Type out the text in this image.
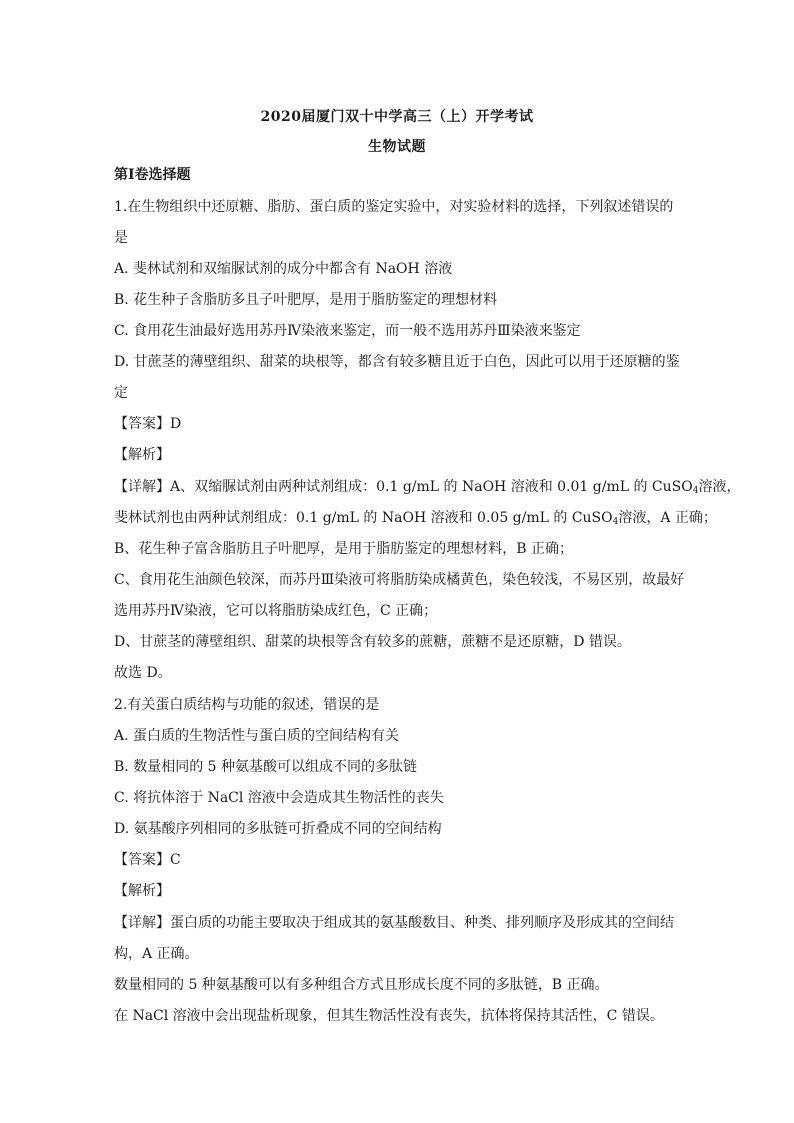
2020届厦门双十中学高三（上）开学考试
生物试题
第I卷选择题
1.在生物组织中还原糖、脂肪、蛋白质的鉴定实验中，对实验材料的选择，下列叙述错误的
是
A. 斐林试剂和双缩脲试剂的成分中都含有 NaOH 溶液
B. 花生种子含脂肪多且子叶肥厚，是用于脂肪鉴定的理想材料
C. 食用花生油最好选用苏丹Ⅳ染液来鉴定，而一般不选用苏丹Ⅲ染液来鉴定
D. 甘蔗茎的薄壁组织、甜菜的块根等，都含有较多糖且近于白色，因此可以用于还原糖的鉴
定
【答案】D
【解析】
【详解】A、双缩脲试剂由两种试剂组成：0.1 g/mL 的 NaOH 溶液和 0.01 g/mL 的 CuSO$_4$溶液，
斐林试剂也由两种试剂组成：0.1 g/mL 的 NaOH 溶液和 0.05 g/mL 的 CuSO$_4$溶液，A 正确；
B、花生种子富含脂肪且子叶肥厚，是用于脂肪鉴定的理想材料，B 正确；
C、食用花生油颜色较深，而苏丹Ⅲ染液可将脂肪染成橘黄色，染色较浅，不易区别，故最好
选用苏丹Ⅳ染液，它可以将脂肪染成红色，C 正确；
D、甘蔗茎的薄壁组织、甜菜的块根等含有较多的蔗糖，蔗糖不是还原糖，D 错误。
故选 D。
2.有关蛋白质结构与功能的叙述，错误的是
A. 蛋白质的生物活性与蛋白质的空间结构有关
B. 数量相同的 5 种氨基酸可以组成不同的多肽链
C. 将抗体溶于 NaCl 溶液中会造成其生物活性的丧失
D. 氨基酸序列相同的多肽链可折叠成不同的空间结构
【答案】C
【解析】
【详解】蛋白质的功能主要取决于组成其的氨基酸数目、种类、排列顺序及形成其的空间结
构，A 正确。
数量相同的 5 种氨基酸可以有多种组合方式且形成长度不同的多肽链，B 正确。
在 NaCl 溶液中会出现盐析现象，但其生物活性没有丧失，抗体将保持其活性，C 错误。
